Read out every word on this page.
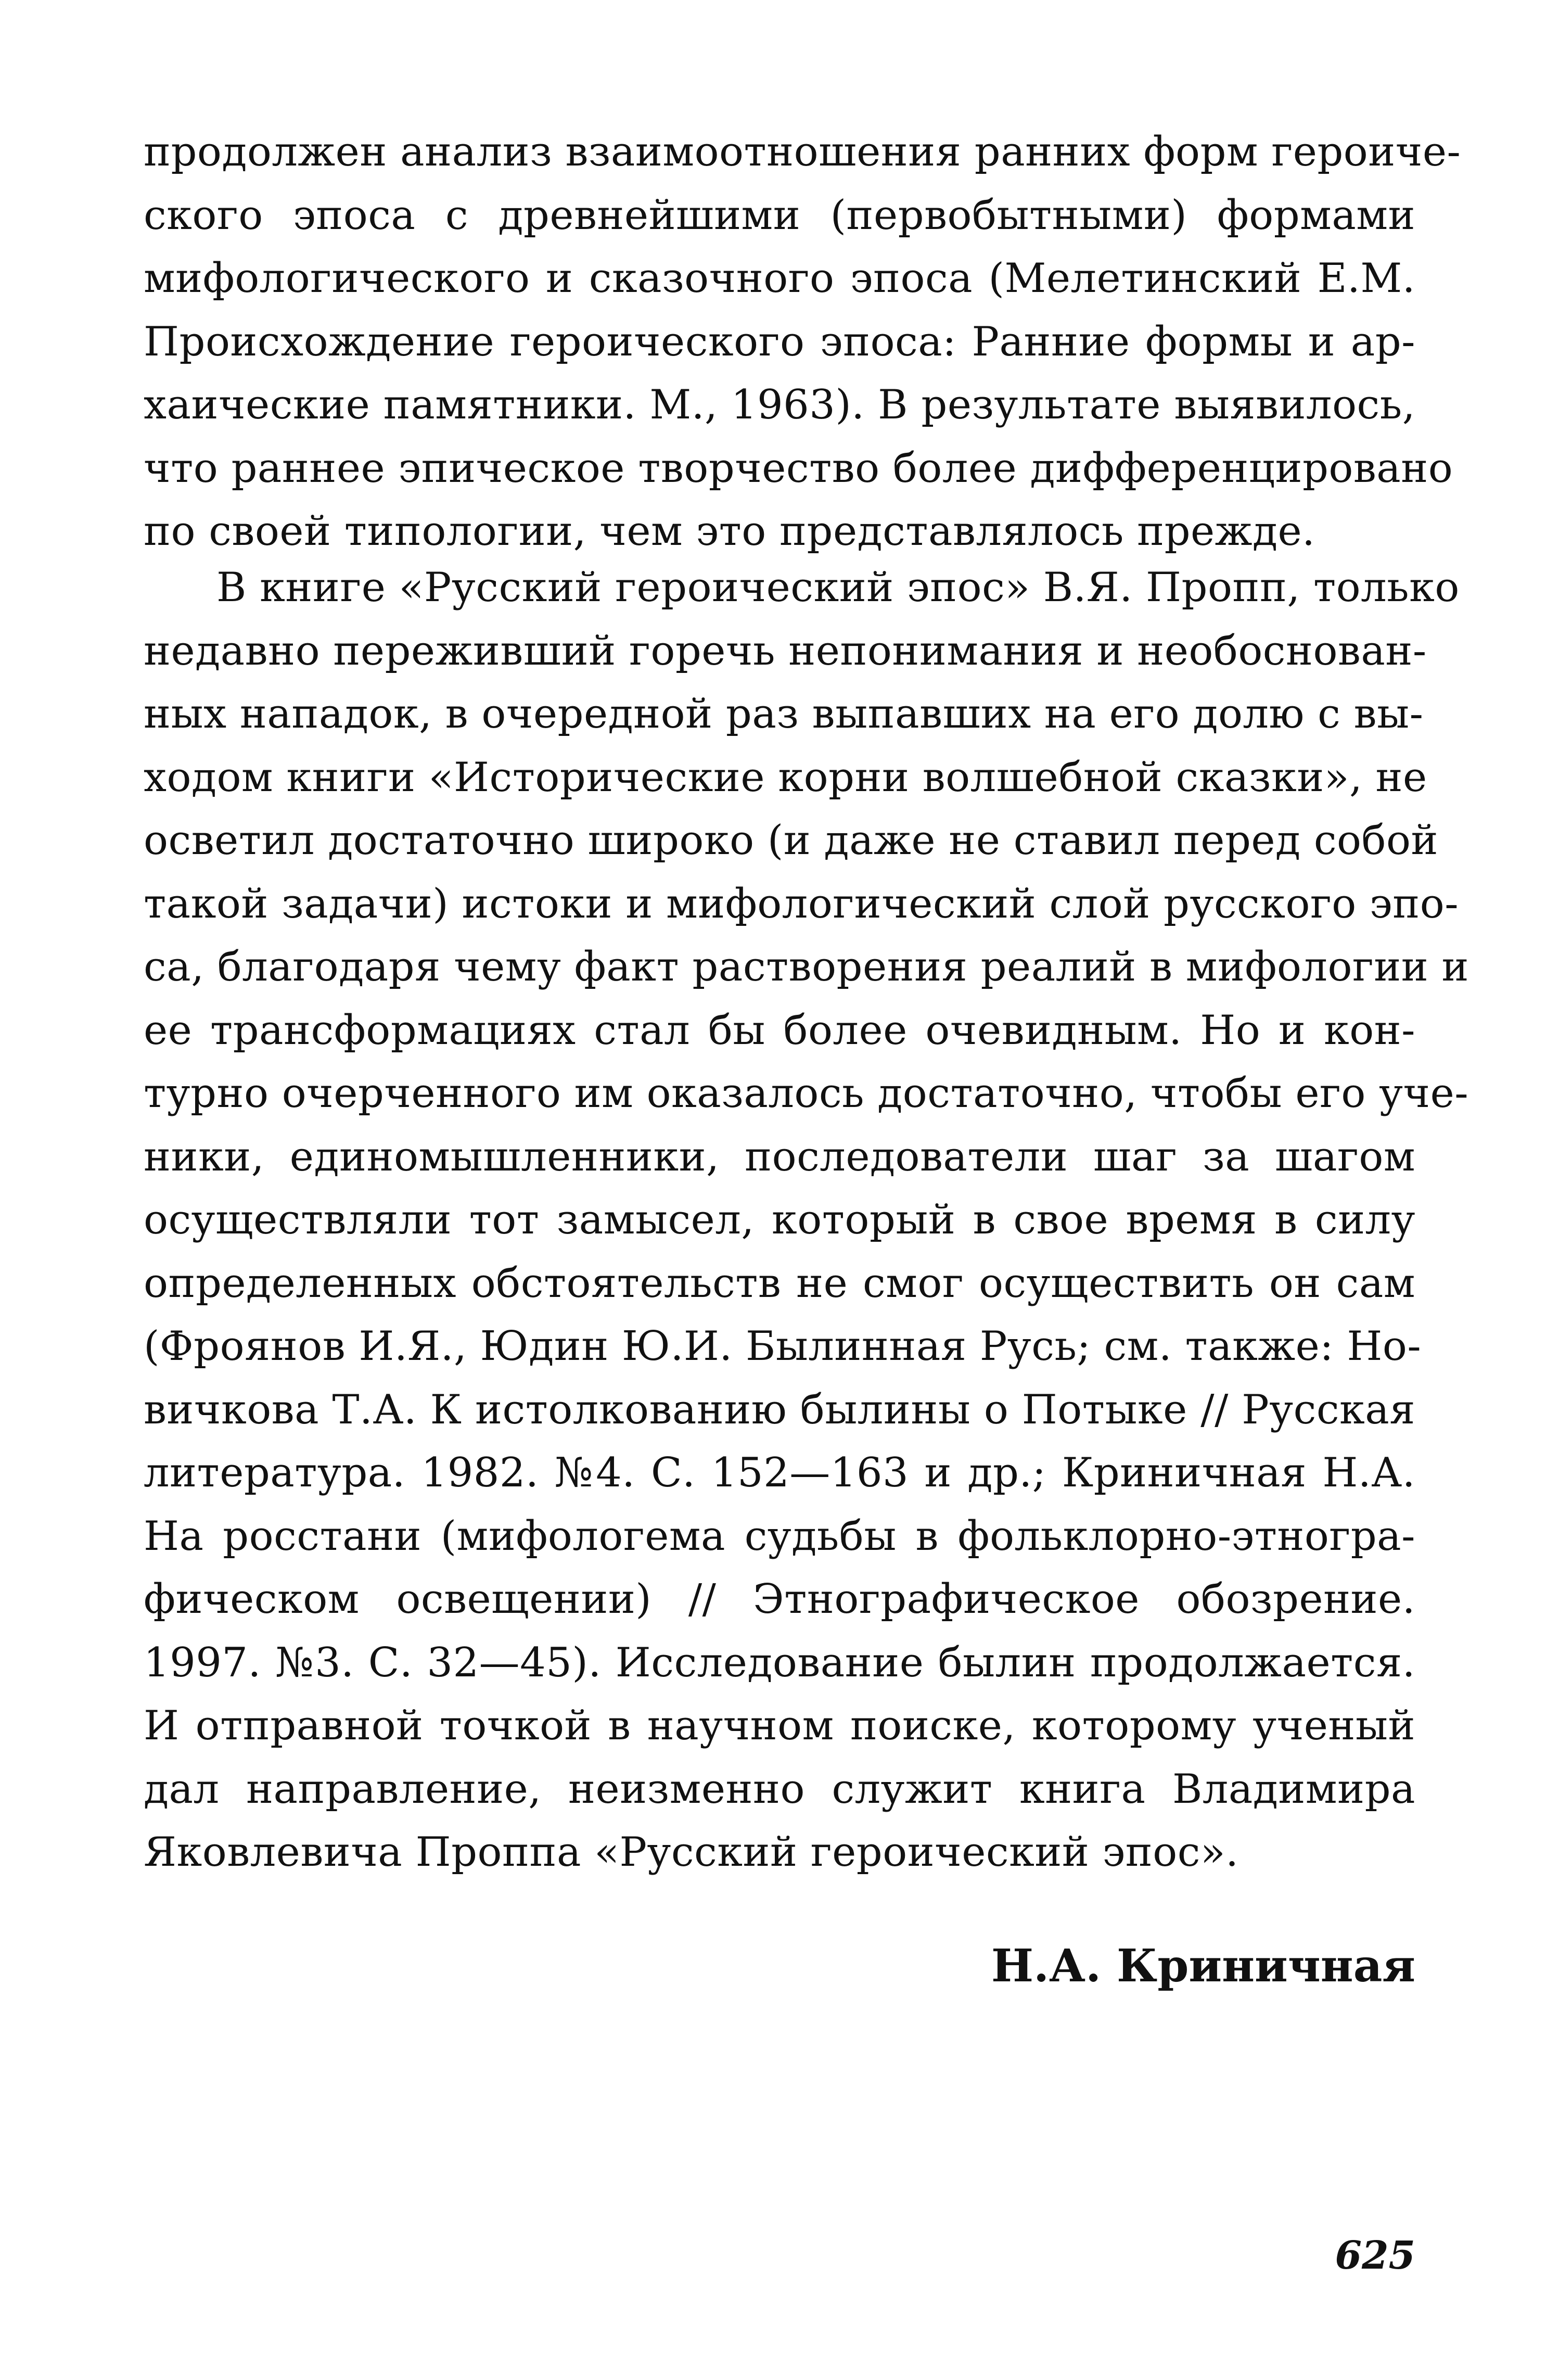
продолжен анализ взаимоотношения ранних форм героиче-
ского эпоса с древнейшими (первобытными) формами
мифологического и сказочного эпоса (Мелетинский Е.М.
Происхождение героического эпоса: Ранние формы и ар-
хаические памятники. М., 1963). В результате выявилось,
что раннее эпическое творчество более дифференцировано
по своей типологии, чем это представлялось прежде.
В книге «Русский героический эпос» В.Я. Пропп, только
недавно переживший горечь непонимания и необоснован-
ных нападок, в очередной раз выпавших на его долю с вы-
ходом книги «Исторические корни волшебной сказки», не
осветил достаточно широко (и даже не ставил перед собой
такой задачи) истоки и мифологический слой русского эпо-
са, благодаря чему факт растворения реалий в мифологии и
ее трансформациях стал бы более очевидным. Но и кон-
турно очерченного им оказалось достаточно, чтобы его уче-
ники, единомышленники, последователи шаг за шагом
осуществляли тот замысел, который в свое время в силу
определенных обстоятельств не смог осуществить он сам
(Фроянов И.Я., Юдин Ю.И. Былинная Русь; см. также: Но-
вичкова Т.А. К истолкованию былины о Потыке // Русская
литература. 1982. №4. С. 152—163 и др.; Криничная Н.А.
На росстани (мифологема судьбы в фольклорно-этногра-
фическом освещении) // Этнографическое обозрение.
1997. №3. С. 32—45). Исследование былин продолжается.
И отправной точкой в научном поиске, которому ученый
дал направление, неизменно служит книга Владимира
Яковлевича Проппа «Русский героический эпос».
Н.А. Криничная
625
